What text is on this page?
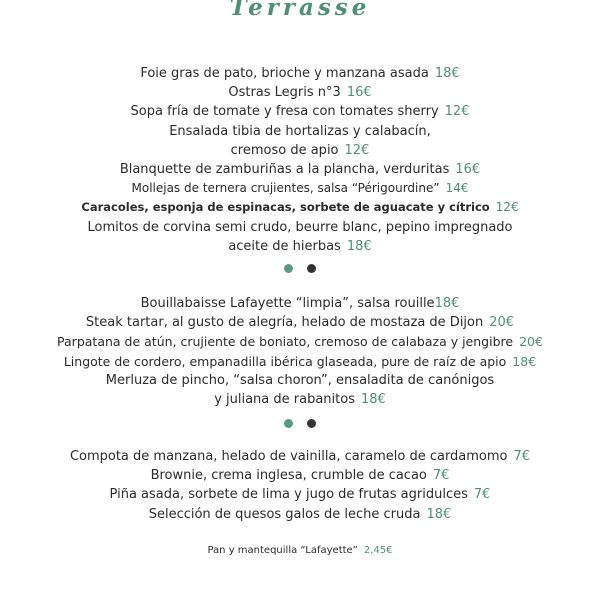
Terrasse
Foie gras de pato, brioche y manzana asada 18€
Ostras Legris n°3 16€
Sopa fría de tomate y fresa con tomates sherry 12€
Ensalada tibia de hortalizas y calabacín,
cremoso de apio 12€
Blanquette de zamburiñas a la plancha, verduritas 16€
Mollejas de ternera crujientes, salsa “Périgourdine” 14€
Caracoles, esponja de espinacas, sorbete de aguacate y cítrico 12€
Lomitos de corvina semi crudo, beurre blanc, pepino impregnado
aceite de hierbas 18€
Bouillabaisse Lafayette “limpia”, salsa rouille18€
Steak tartar, al gusto de alegría, helado de mostaza de Dijon 20€
Parpatana de atún, crujiente de boniato, cremoso de calabaza y jengibre 20€
Lingote de cordero, empanadilla ibérica glaseada, pure de raíz de apio 18€
Merluza de pincho, “salsa choron”, ensaladita de canónigos
y juliana de rabanitos 18€
Compota de manzana, helado de vainilla, caramelo de cardamomo 7€
Brownie, crema inglesa, crumble de cacao 7€
Piña asada, sorbete de lima y jugo de frutas agridulces 7€
Selección de quesos galos de leche cruda 18€
Pan y mantequilla “Lafayette” 2,45€
